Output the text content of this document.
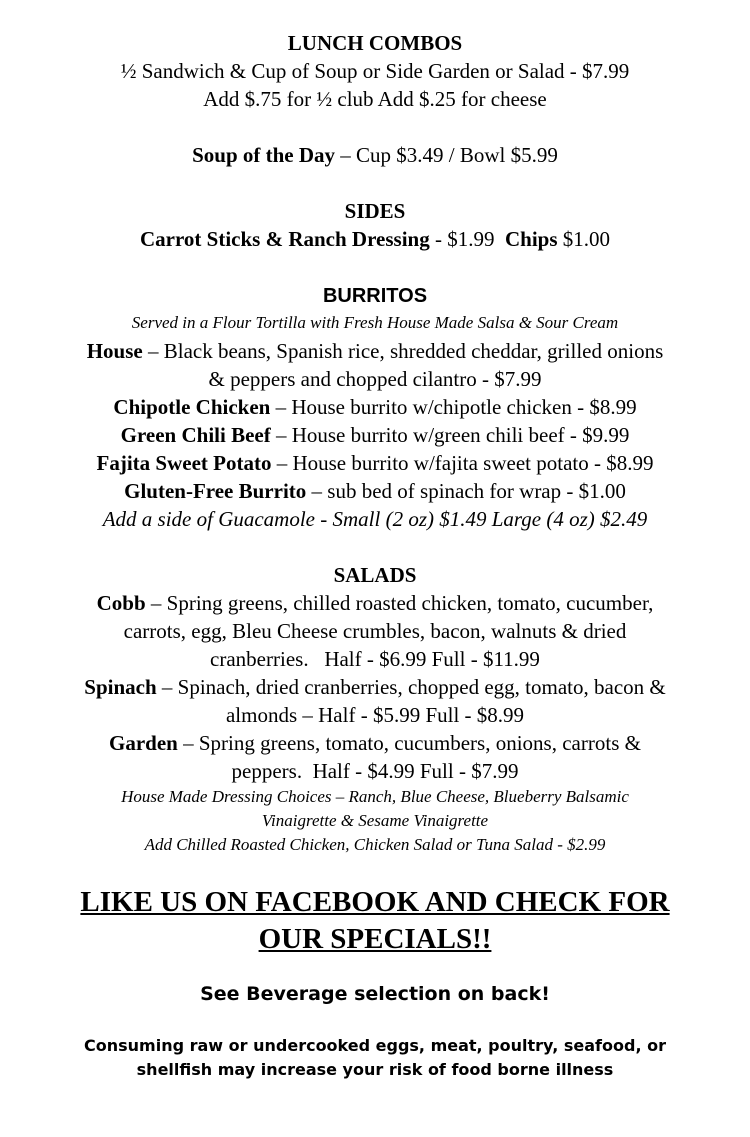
LUNCH COMBOS
½ Sandwich & Cup of Soup or Side Garden or Salad - $7.99
Add $.75 for ½ club Add $.25 for cheese
Soup of the Day – Cup $3.49 / Bowl $5.99
SIDES
Carrot Sticks & Ranch Dressing - $1.99  Chips $1.00
BURRITOS
Served in a Flour Tortilla with Fresh House Made Salsa & Sour Cream
House – Black beans, Spanish rice, shredded cheddar, grilled onions
& peppers and chopped cilantro - $7.99
Chipotle Chicken – House burrito w/chipotle chicken - $8.99
Green Chili Beef – House burrito w/green chili beef - $9.99
Fajita Sweet Potato – House burrito w/fajita sweet potato - $8.99
Gluten-Free Burrito – sub bed of spinach for wrap - $1.00
Add a side of Guacamole - Small (2 oz) $1.49 Large (4 oz) $2.49
SALADS
Cobb – Spring greens, chilled roasted chicken, tomato, cucumber,
carrots, egg, Bleu Cheese crumbles, bacon, walnuts & dried
cranberries.   Half - $6.99 Full - $11.99
Spinach – Spinach, dried cranberries, chopped egg, tomato, bacon &
almonds – Half - $5.99 Full - $8.99
Garden – Spring greens, tomato, cucumbers, onions, carrots &
peppers.  Half - $4.99 Full - $7.99
House Made Dressing Choices – Ranch, Blue Cheese, Blueberry Balsamic
Vinaigrette & Sesame Vinaigrette
Add Chilled Roasted Chicken, Chicken Salad or Tuna Salad - $2.99
LIKE US ON FACEBOOK AND CHECK FOR
OUR SPECIALS!!
See Beverage selection on back!
Consuming raw or undercooked eggs, meat, poultry, seafood, or
shellfish may increase your risk of food borne illness
